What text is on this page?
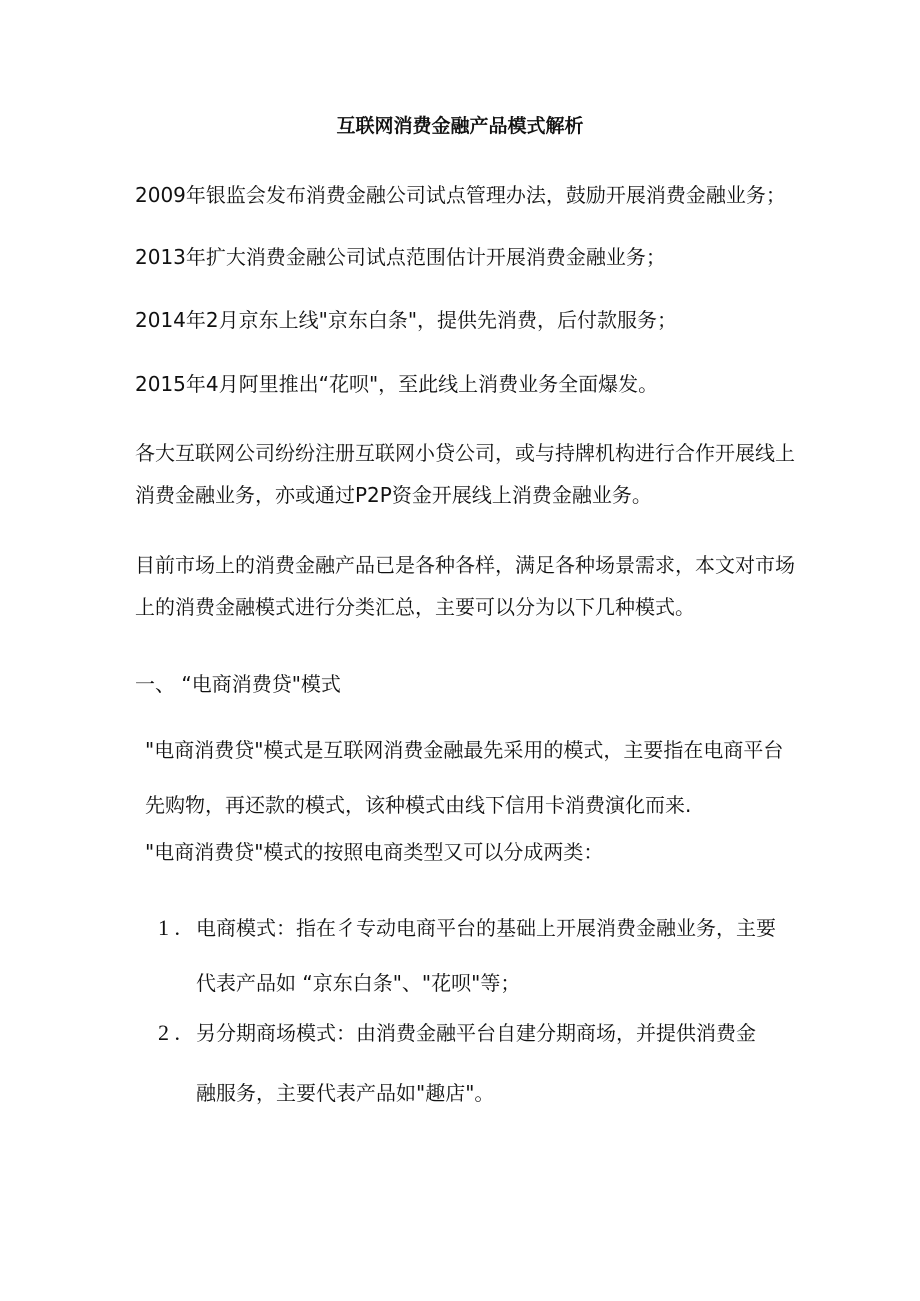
互联网消费金融产品模式解析
2009年银监会发布消费金融公司试点管理办法，鼓励开展消费金融业务；
2013年扩大消费金融公司试点范围估计开展消费金融业务；
2014年2月京东上线"京东白条"，提供先消费，后付款服务；
2015年4月阿里推出“花呗"，至此线上消费业务全面爆发。
各大互联网公司纷纷注册互联网小贷公司，或与持牌机构进行合作开展线上消费金融业务，亦或通过P2P资金开展线上消费金融业务。
目前市场上的消费金融产品已是各种各样，满足各种场景需求，本文对市场上的消费金融模式进行分类汇总，主要可以分为以下几种模式。
一、 “电商消费贷"模式
"电商消费贷"模式是互联网消费金融最先采用的模式，主要指在电商平台先购物，再还款的模式，该种模式由线下信用卡消费演化而来.
"电商消费贷"模式的按照电商类型又可以分成两类：
1 . 电商模式：指在彳专动电商平台的基础上开展消费金融业务，主要
代表产品如 “京东白条"、"花呗"等；
2 . 另分期商场模式：由消费金融平台自建分期商场，并提供消费金
融服务，主要代表产品如"趣店"。
